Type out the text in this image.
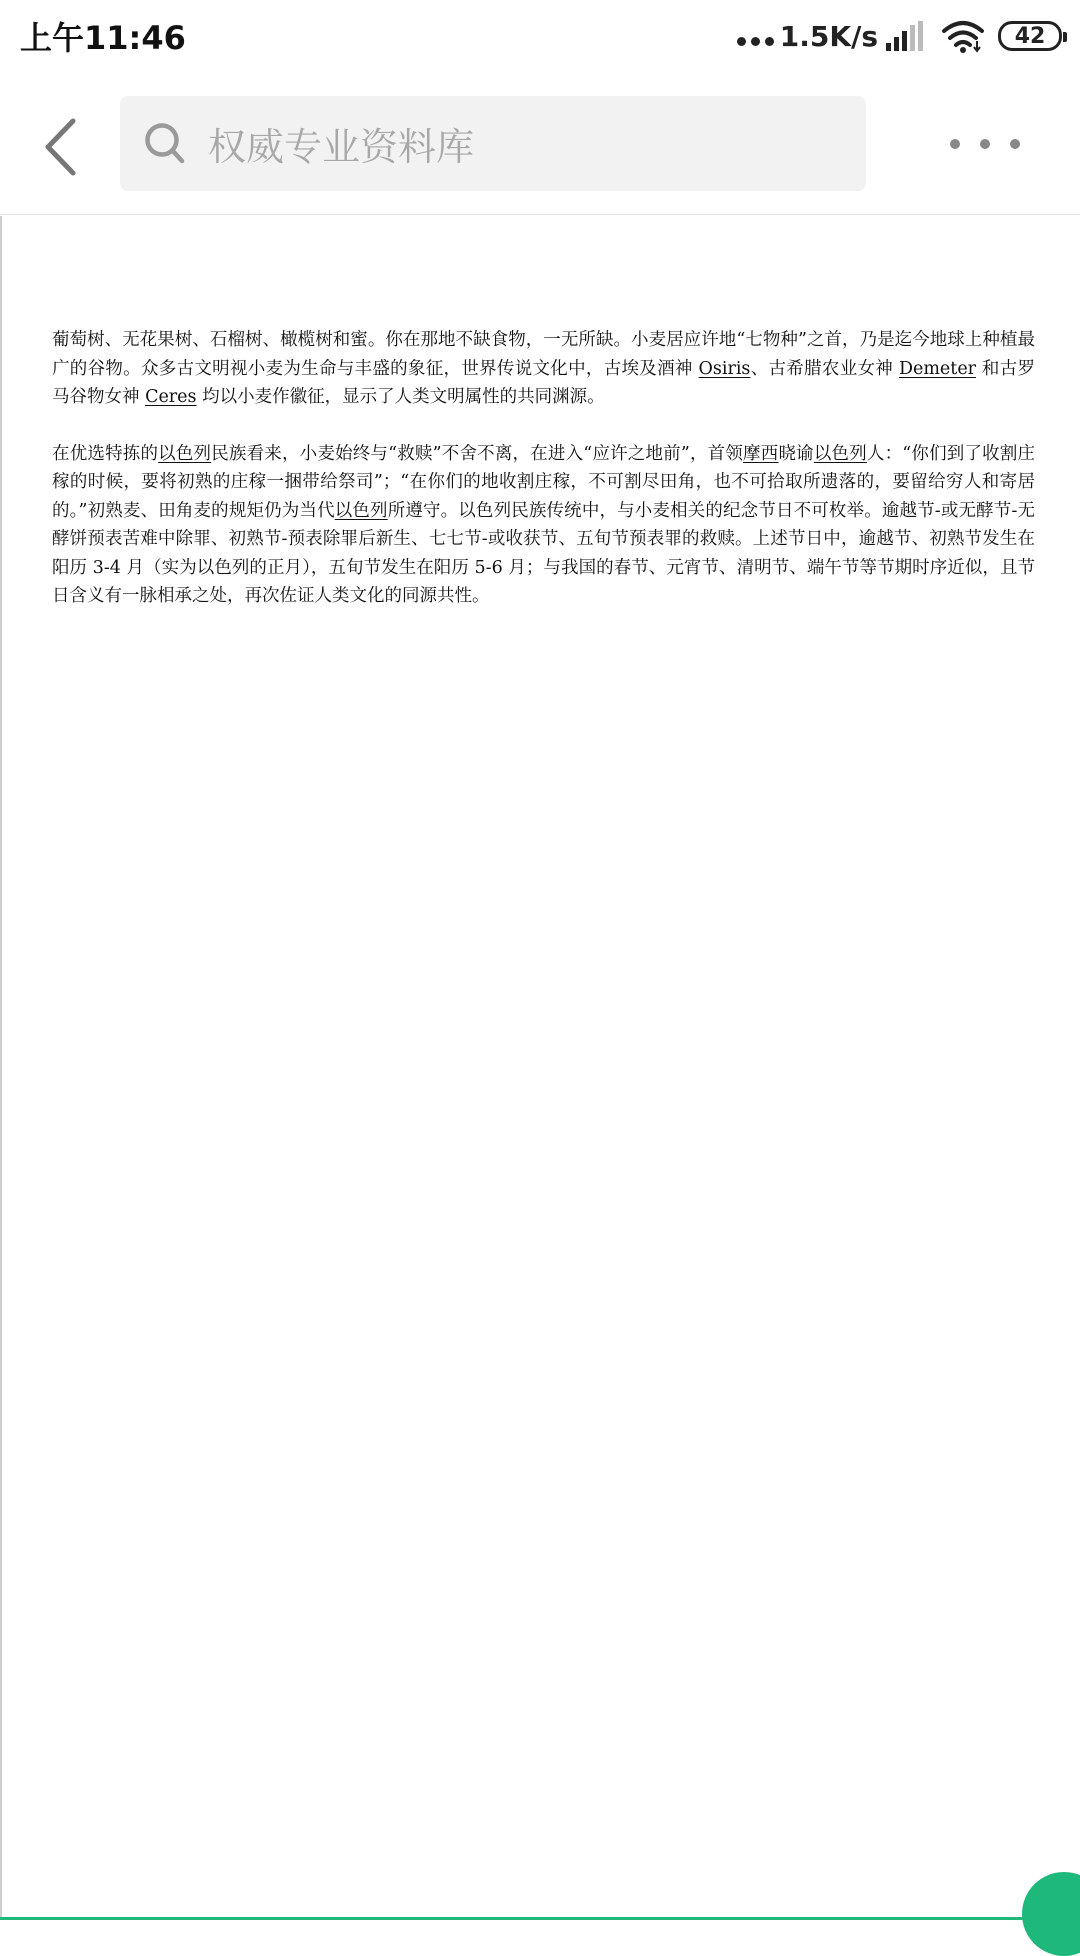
上午11:46	1.5K/s	42
权威专业资料库

葡萄树、无花果树、石榴树、橄榄树和蜜。你在那地不缺食物，一无所缺。小麦居应许地“七物种”之首，乃是迄今地球上种植最广的谷物。众多古文明视小麦为生命与丰盛的象征，世界传说文化中，古埃及酒神 Osiris、古希腊农业女神 Demeter 和古罗马谷物女神 Ceres 均以小麦作徽征，显示了人类文明属性的共同渊源。

在优选特拣的以色列民族看来，小麦始终与“救赎”不舍不离，在进入“应许之地前”，首领摩西晓谕以色列人：“你们到了收割庄稼的时候，要将初熟的庄稼一捆带给祭司”；“在你们的地收割庄稼，不可割尽田角，也不可拾取所遗落的，要留给穷人和寄居的。”初熟麦、田角麦的规矩仍为当代以色列所遵守。以色列民族传统中，与小麦相关的纪念节日不可枚举。逾越节-或无酵节-无酵饼预表苦难中除罪、初熟节-预表除罪后新生、七七节-或收获节、五旬节预表罪的救赎。上述节日中，逾越节、初熟节发生在阳历 3-4 月（实为以色列的正月），五旬节发生在阳历 5-6 月；与我国的春节、元宵节、清明节、端午节等节期时序近似，且节日含义有一脉相承之处，再次佐证人类文化的同源共性。
